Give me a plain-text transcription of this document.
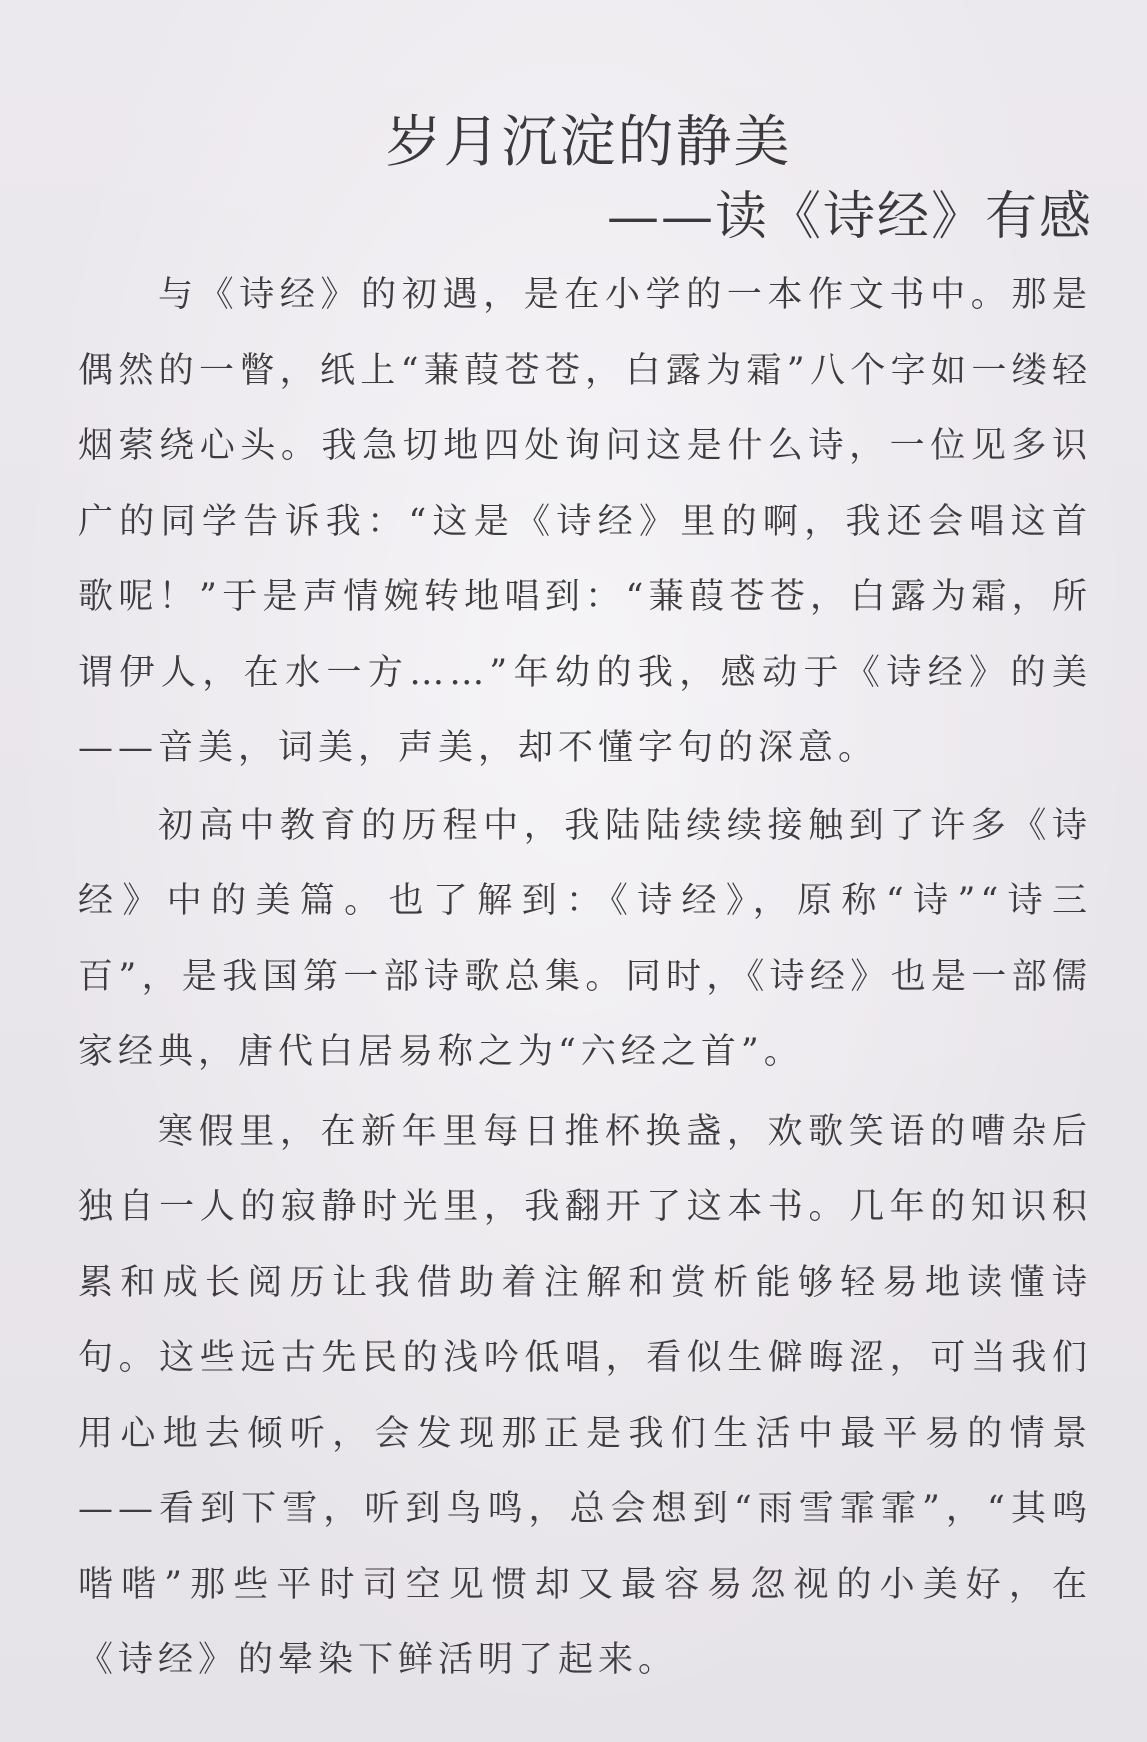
岁月沉淀的静美
——读《诗经》有感

与《诗经》的初遇，是在小学的一本作文书中。那是偶然的一瞥，纸上“蒹葭苍苍，白露为霜”八个字如一缕轻烟萦绕心头。我急切地四处询问这是什么诗，一位见多识广的同学告诉我：“这是《诗经》里的啊，我还会唱这首歌呢！”于是声情婉转地唱到：“蒹葭苍苍，白露为霜，所谓伊人，在水一方……”年幼的我，感动于《诗经》的美——音美，词美，声美，却不懂字句的深意。

初高中教育的历程中，我陆陆续续接触到了许多《诗经》中的美篇。也了解到：《诗经》，原称“诗”“诗三百”，是我国第一部诗歌总集。同时，《诗经》也是一部儒家经典，唐代白居易称之为“六经之首”。

寒假里，在新年里每日推杯换盏，欢歌笑语的嘈杂后独自一人的寂静时光里，我翻开了这本书。几年的知识积累和成长阅历让我借助着注解和赏析能够轻易地读懂诗句。这些远古先民的浅吟低唱，看似生僻晦涩，可当我们用心地去倾听，会发现那正是我们生活中最平易的情景——看到下雪，听到鸟鸣，总会想到“雨雪霏霏”，“其鸣喈喈”那些平时司空见惯却又最容易忽视的小美好，在《诗经》的晕染下鲜活明了起来。
